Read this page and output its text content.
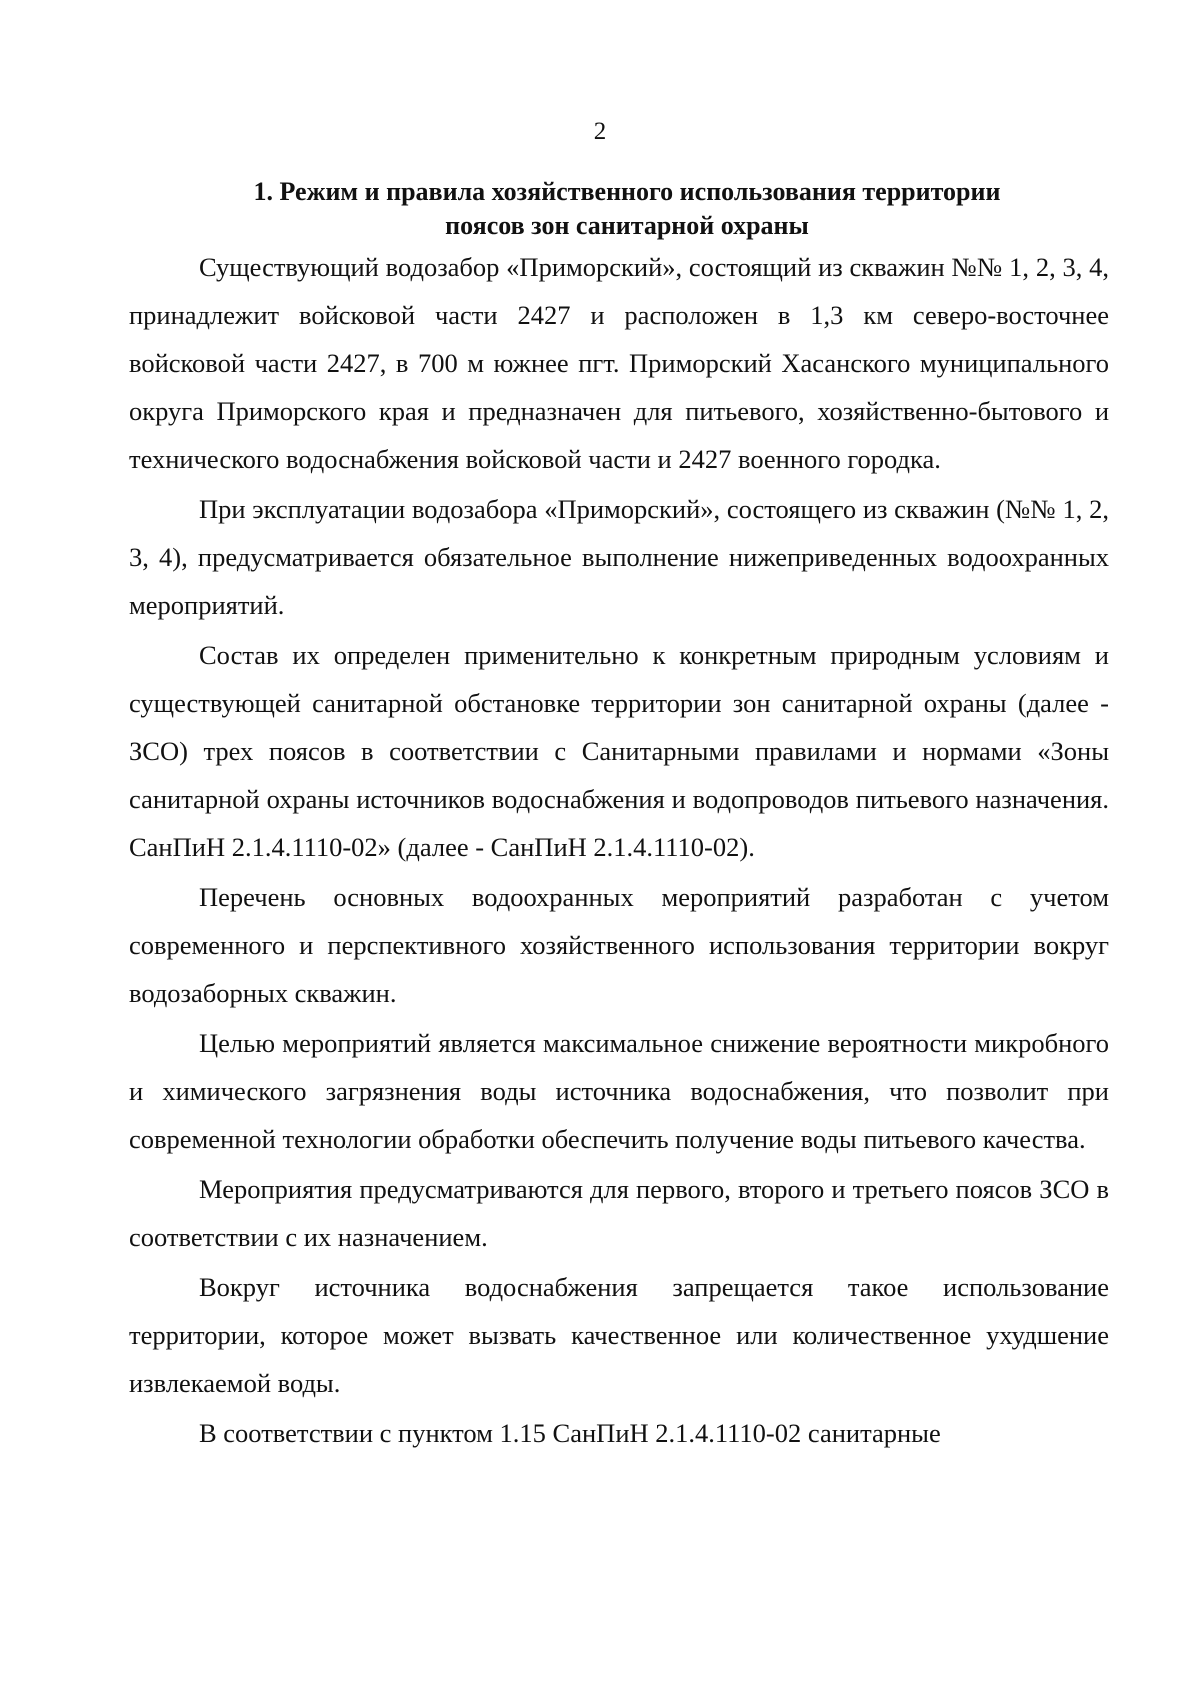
2
1. Режим и правила хозяйственного использования территории
поясов зон санитарной охраны

Существующий водозабор «Приморский», состоящий из скважин №№ 1, 2, 3, 4, принадлежит войсковой части 2427 и расположен в 1,3 км северо-восточнее войсковой части 2427, в 700 м южнее пгт. Приморский Хасанского муниципального округа Приморского края и предназначен для питьевого, хозяйственно-бытового и технического водоснабжения войсковой части и 2427 военного городка.

При эксплуатации водозабора «Приморский», состоящего из скважин (№№ 1, 2, 3, 4), предусматривается обязательное выполнение нижеприведенных водоохранных мероприятий.

Состав их определен применительно к конкретным природным условиям и существующей санитарной обстановке территории зон санитарной охраны (далее - ЗСО) трех поясов в соответствии с Санитарными правилами и нормами «Зоны санитарной охраны источников водоснабжения и водопроводов питьевого назначения. СанПиН 2.1.4.1110-02» (далее - СанПиН 2.1.4.1110-02).

Перечень основных водоохранных мероприятий разработан с учетом современного и перспективного хозяйственного использования территории вокруг водозаборных скважин.

Целью мероприятий является максимальное снижение вероятности микробного и химического загрязнения воды источника водоснабжения, что позволит при современной технологии обработки обеспечить получение воды питьевого качества.

Мероприятия предусматриваются для первого, второго и третьего поясов ЗСО в соответствии с их назначением.

Вокруг источника водоснабжения запрещается такое использование территории, которое может вызвать качественное или количественное ухудшение извлекаемой воды.

В соответствии с пунктом 1.15 СанПиН 2.1.4.1110-02 санитарные
